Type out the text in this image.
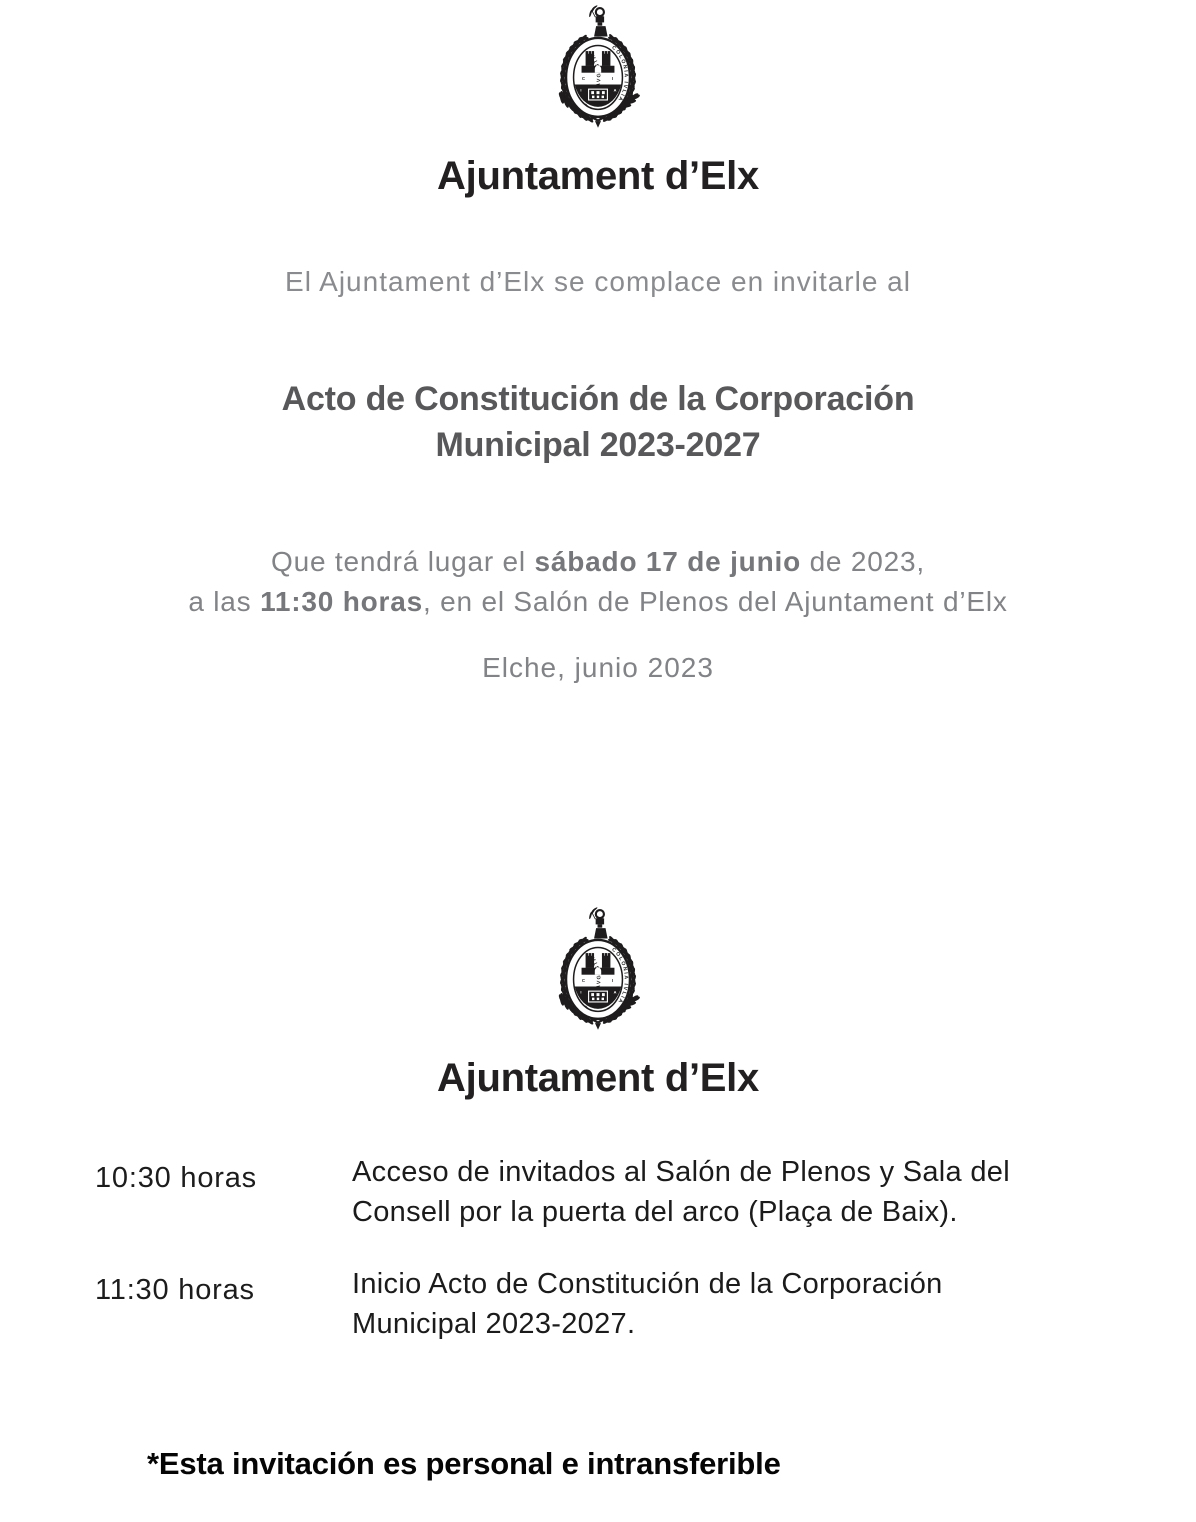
Ajuntament d’Elx
El Ajuntament d’Elx se complace en invitarle al
Acto de Constitución de la Corporación
Municipal 2023-2027
Que tendrá lugar el sábado 17 de junio de 2023,
a las 11:30 horas, en el Salón de Plenos del Ajuntament d’Elx
Elche, junio 2023
Ajuntament d’Elx
10:30 horas	Acceso de invitados al Salón de Plenos y Sala del
Consell por la puerta del arco (Plaça de Baix).
11:30 horas	Inicio Acto de Constitución de la Corporación
Municipal 2023-2027.
*Esta invitación es personal e intransferible
